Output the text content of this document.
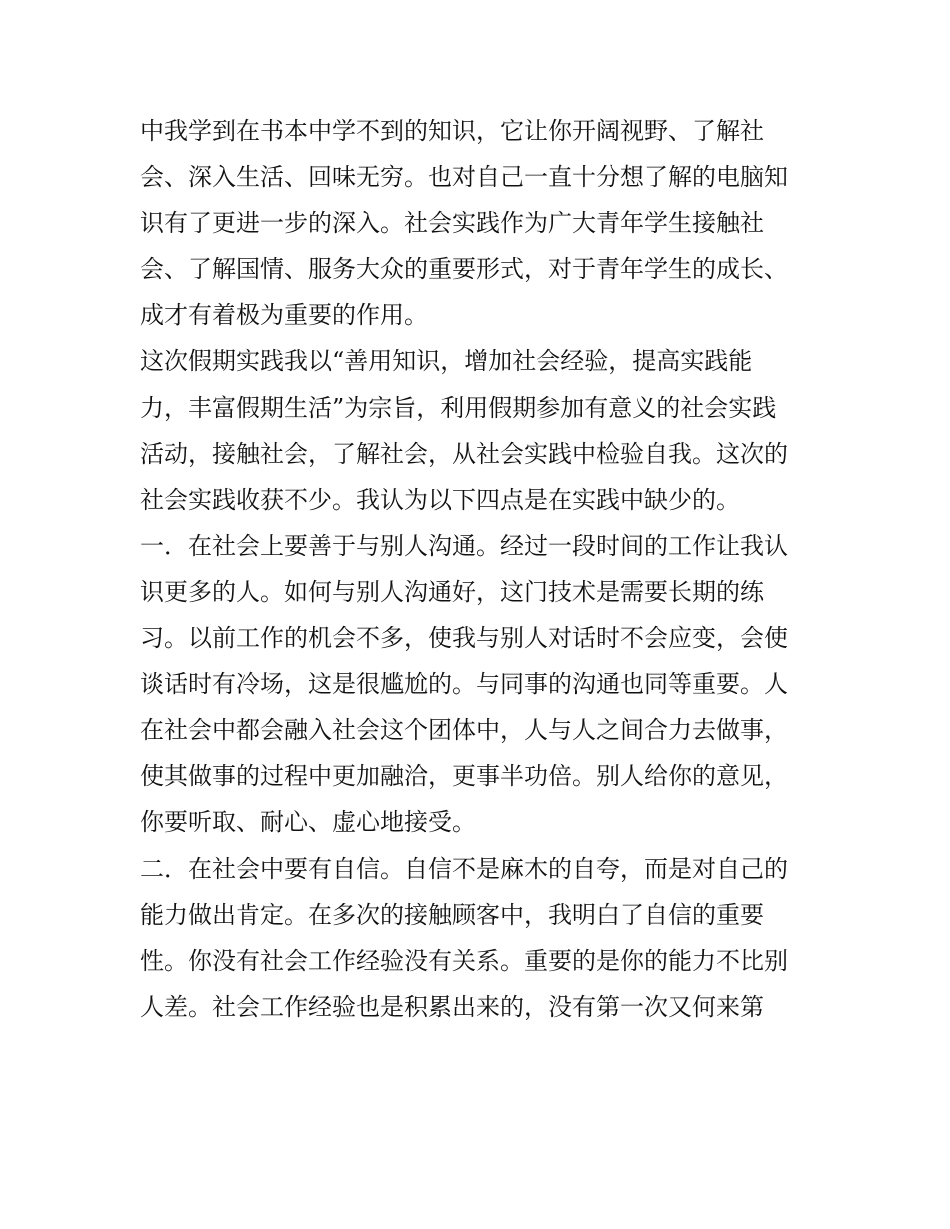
中我学到在书本中学不到的知识，它让你开阔视野、了解社
会、深入生活、回味无穷。也对自己一直十分想了解的电脑知
识有了更进一步的深入。社会实践作为广大青年学生接触社
会、了解国情、服务大众的重要形式，对于青年学生的成长、
成才有着极为重要的作用。
这次假期实践我以“善用知识，增加社会经验，提高实践能
力，丰富假期生活”为宗旨，利用假期参加有意义的社会实践
活动，接触社会，了解社会，从社会实践中检验自我。这次的
社会实践收获不少。我认为以下四点是在实践中缺少的。
一．在社会上要善于与别人沟通。经过一段时间的工作让我认
识更多的人。如何与别人沟通好，这门技术是需要长期的练
习。以前工作的机会不多，使我与别人对话时不会应变，会使
谈话时有冷场，这是很尴尬的。与同事的沟通也同等重要。人
在社会中都会融入社会这个团体中，人与人之间合力去做事，
使其做事的过程中更加融洽，更事半功倍。别人给你的意见，
你要听取、耐心、虚心地接受。
二．在社会中要有自信。自信不是麻木的自夸，而是对自己的
能力做出肯定。在多次的接触顾客中，我明白了自信的重要
性。你没有社会工作经验没有关系。重要的是你的能力不比别
人差。社会工作经验也是积累出来的，没有第一次又何来第
